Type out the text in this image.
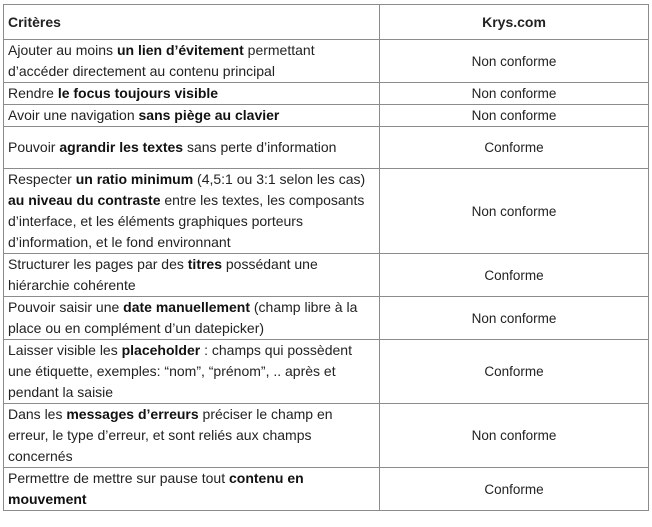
Critères	Krys.com
Ajouter au moins un lien d’évitement permettant d’accéder directement au contenu principal	Non conforme
Rendre le focus toujours visible	Non conforme
Avoir une navigation sans piège au clavier	Non conforme
Pouvoir agrandir les textes sans perte d’information	Conforme
Respecter un ratio minimum (4,5:1 ou 3:1 selon les cas) au niveau du contraste entre les textes, les composants d’interface, et les éléments graphiques porteurs d’information, et le fond environnant	Non conforme
Structurer les pages par des titres possédant une hiérarchie cohérente	Conforme
Pouvoir saisir une date manuellement (champ libre à la place ou en complément d’un datepicker)	Non conforme
Laisser visible les placeholder : champs qui possèdent une étiquette, exemples: “nom”, “prénom”, .. après et pendant la saisie	Conforme
Dans les messages d’erreurs préciser le champ en erreur, le type d’erreur, et sont reliés aux champs concernés	Non conforme
Permettre de mettre sur pause tout contenu en mouvement	Conforme
